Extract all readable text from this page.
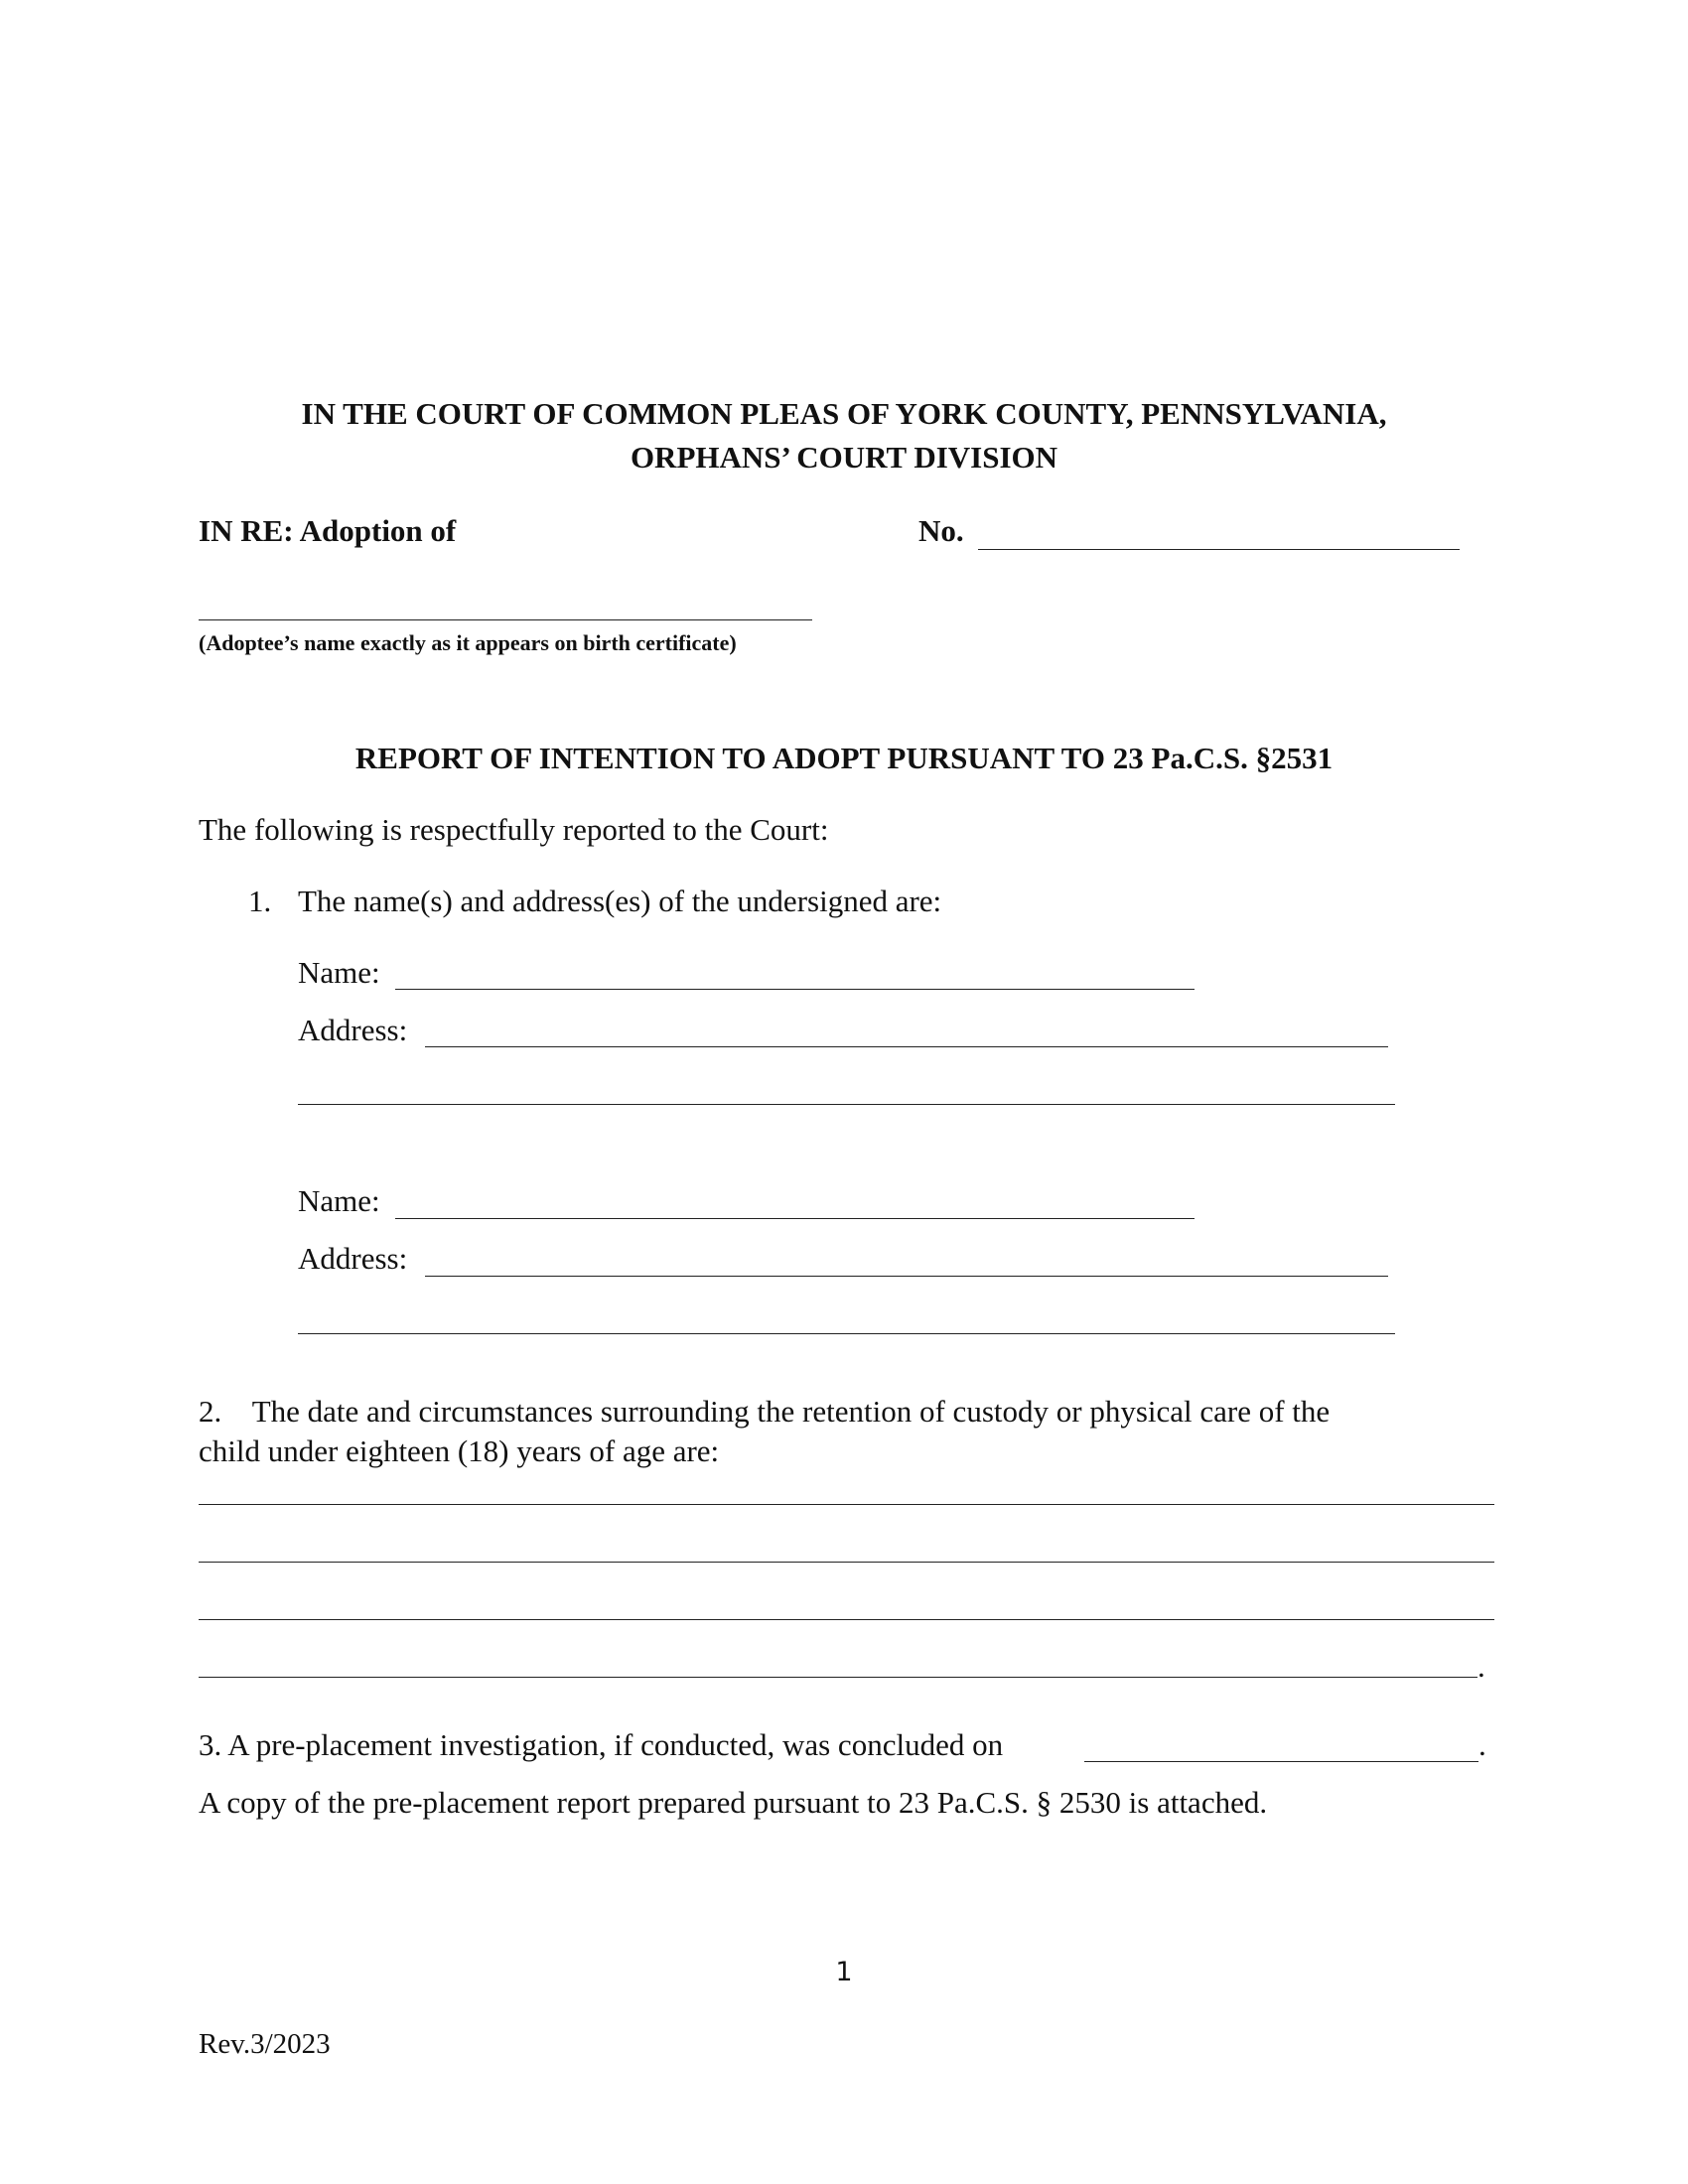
IN THE COURT OF COMMON PLEAS OF YORK COUNTY, PENNSYLVANIA,
ORPHANS’ COURT DIVISION
IN RE: Adoption of	No.
(Adoptee’s name exactly as it appears on birth certificate)
REPORT OF INTENTION TO ADOPT PURSUANT TO 23 Pa.C.S. §2531
The following is respectfully reported to the Court:
1. The name(s) and address(es) of the undersigned are:
Name:
Address:
Name:
Address:
2.    The date and circumstances surrounding the retention of custody or physical care of the
child under eighteen (18) years of age are:
.
3. A pre-placement investigation, if conducted, was concluded on	.
A copy of the pre-placement report prepared pursuant to 23 Pa.C.S. § 2530 is attached.
1
Rev.3/2023
